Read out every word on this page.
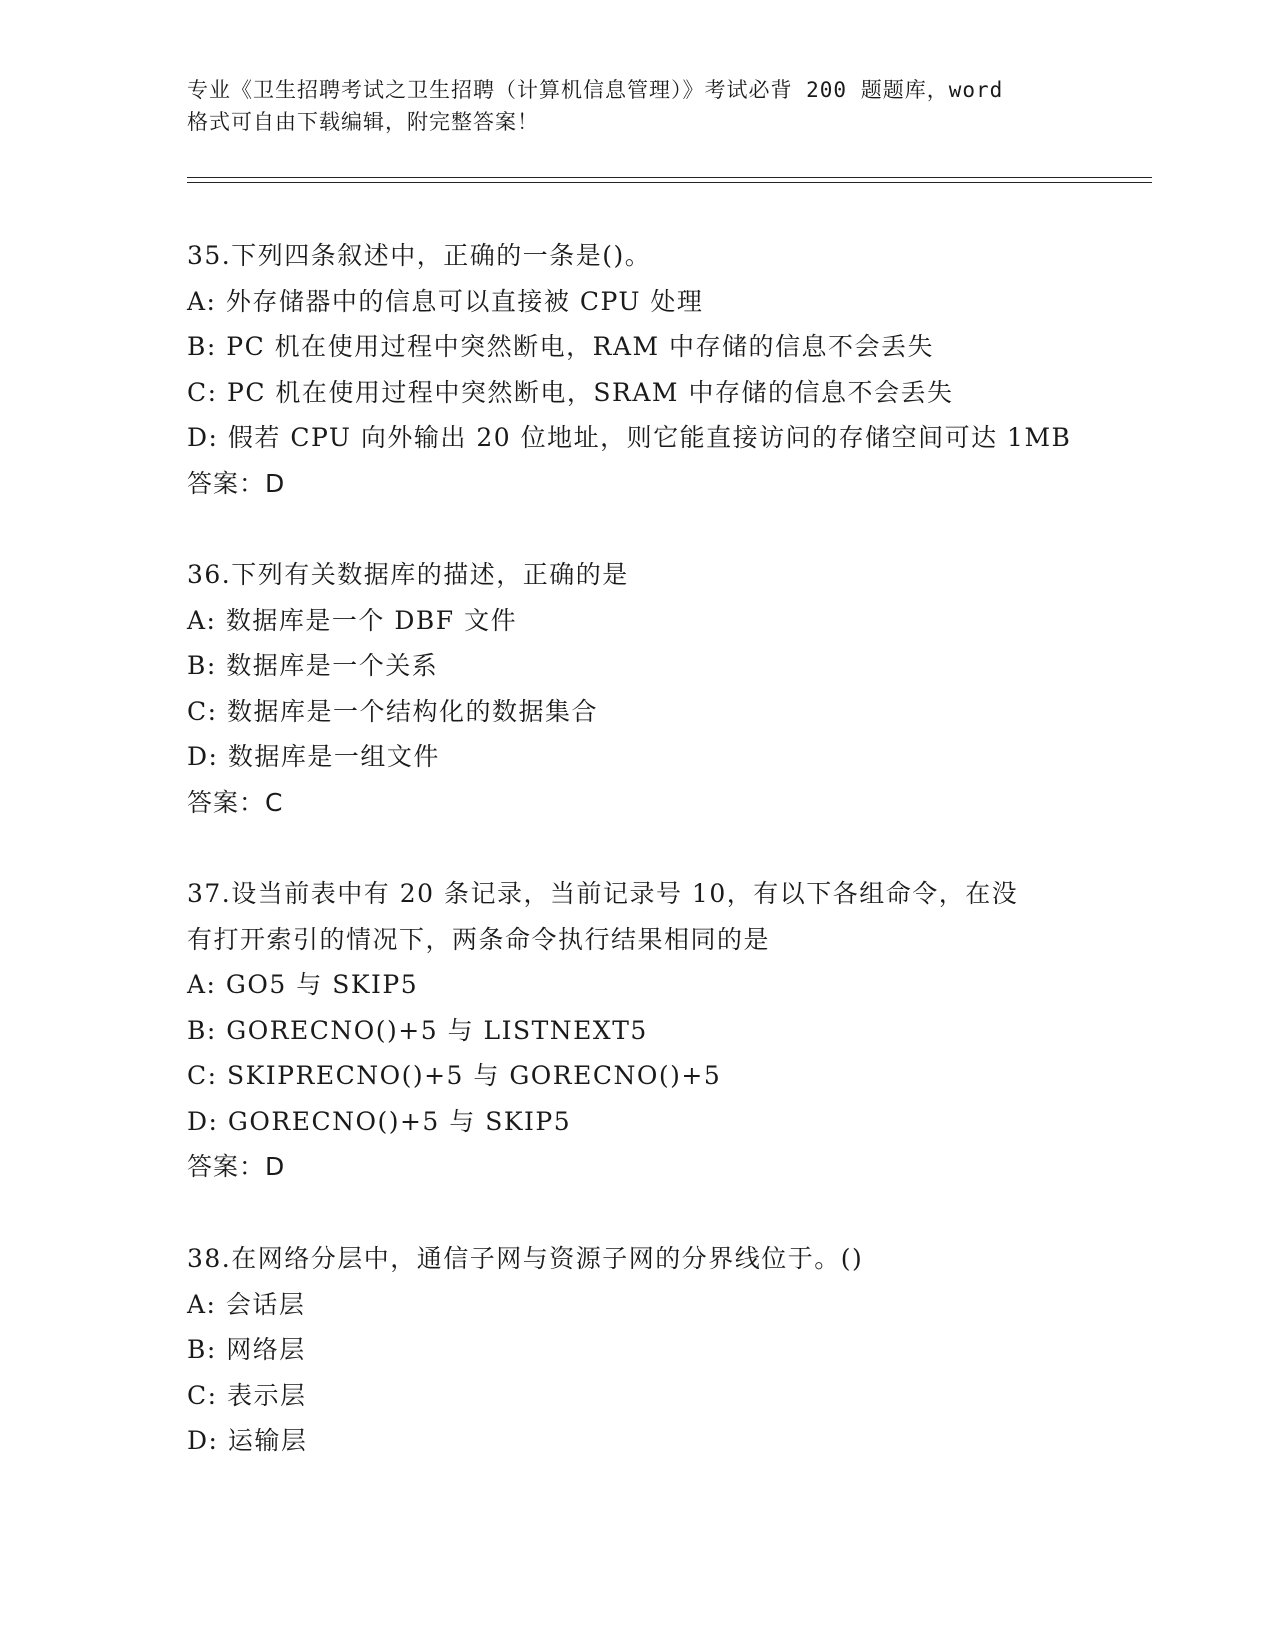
专业《卫生招聘考试之卫生招聘（计算机信息管理）》考试必背 200 题题库，word
格式可自由下载编辑，附完整答案！
35.下列四条叙述中，正确的一条是()。
A: 外存储器中的信息可以直接被 CPU 处理
B: PC 机在使用过程中突然断电，RAM 中存储的信息不会丢失
C: PC 机在使用过程中突然断电，SRAM 中存储的信息不会丢失
D: 假若 CPU 向外输出 20 位地址，则它能直接访问的存储空间可达 1MB
答案：D
36.下列有关数据库的描述，正确的是
A: 数据库是一个 DBF 文件
B: 数据库是一个关系
C: 数据库是一个结构化的数据集合
D: 数据库是一组文件
答案：C
37.设当前表中有 20 条记录，当前记录号 10，有以下各组命令，在没
有打开索引的情况下，两条命令执行结果相同的是
A: GO5 与 SKIP5
B: GORECNO()+5 与 LISTNEXT5
C: SKIPRECNO()+5 与 GORECNO()+5
D: GORECNO()+5 与 SKIP5
答案：D
38.在网络分层中，通信子网与资源子网的分界线位于。()
A: 会话层
B: 网络层
C: 表示层
D: 运输层
